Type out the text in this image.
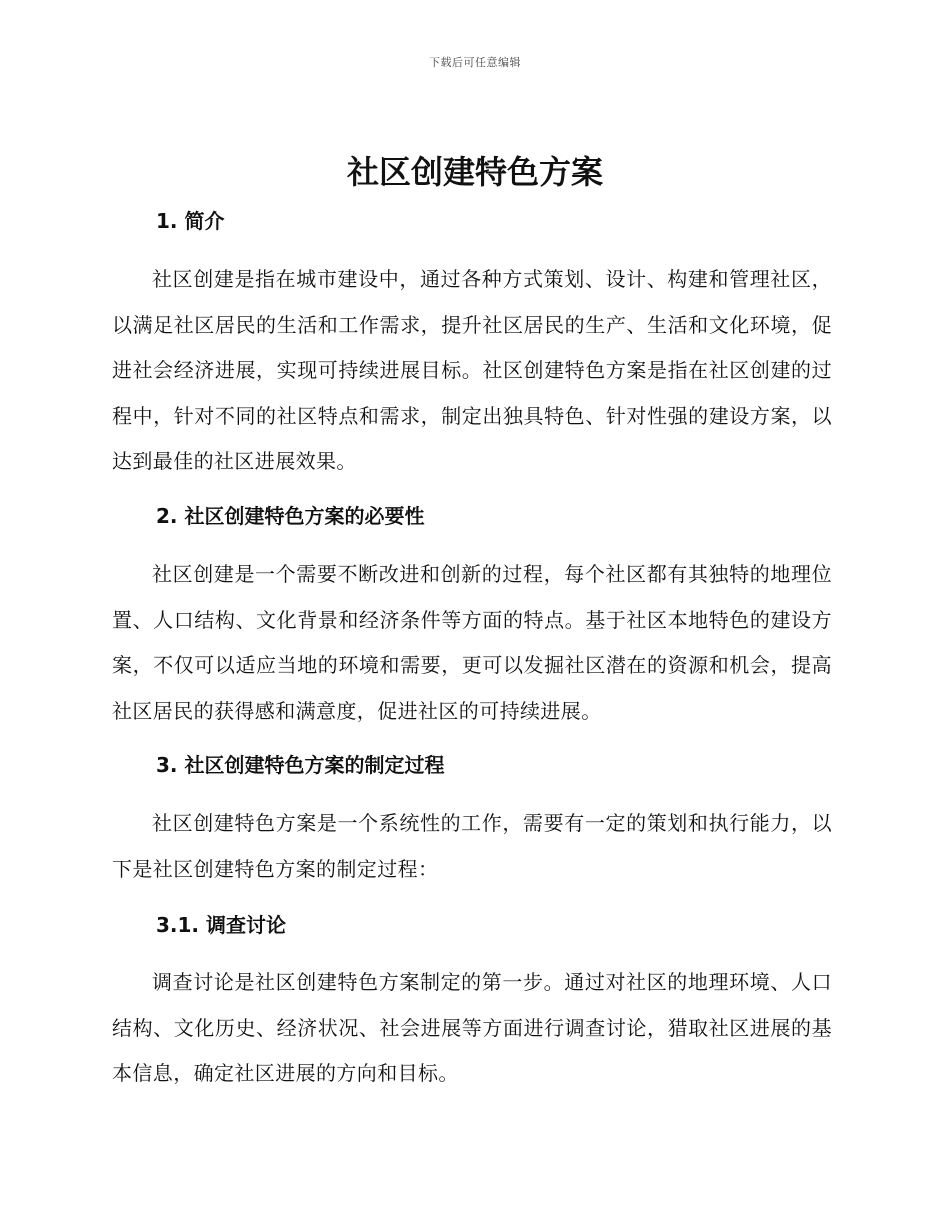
下载后可任意编辑
社区创建特色方案
1. 简介

社区创建是指在城市建设中，通过各种方式策划、设计、构建和管理社区，以满足社区居民的生活和工作需求，提升社区居民的生产、生活和文化环境，促进社会经济进展，实现可持续进展目标。社区创建特色方案是指在社区创建的过程中，针对不同的社区特点和需求，制定出独具特色、针对性强的建设方案，以达到最佳的社区进展效果。

2. 社区创建特色方案的必要性

社区创建是一个需要不断改进和创新的过程，每个社区都有其独特的地理位置、人口结构、文化背景和经济条件等方面的特点。基于社区本地特色的建设方案，不仅可以适应当地的环境和需要，更可以发掘社区潜在的资源和机会，提高社区居民的获得感和满意度，促进社区的可持续进展。

3. 社区创建特色方案的制定过程

社区创建特色方案是一个系统性的工作，需要有一定的策划和执行能力，以下是社区创建特色方案的制定过程：

3.1. 调查讨论

调查讨论是社区创建特色方案制定的第一步。通过对社区的地理环境、人口结构、文化历史、经济状况、社会进展等方面进行调查讨论，猎取社区进展的基本信息，确定社区进展的方向和目标。
